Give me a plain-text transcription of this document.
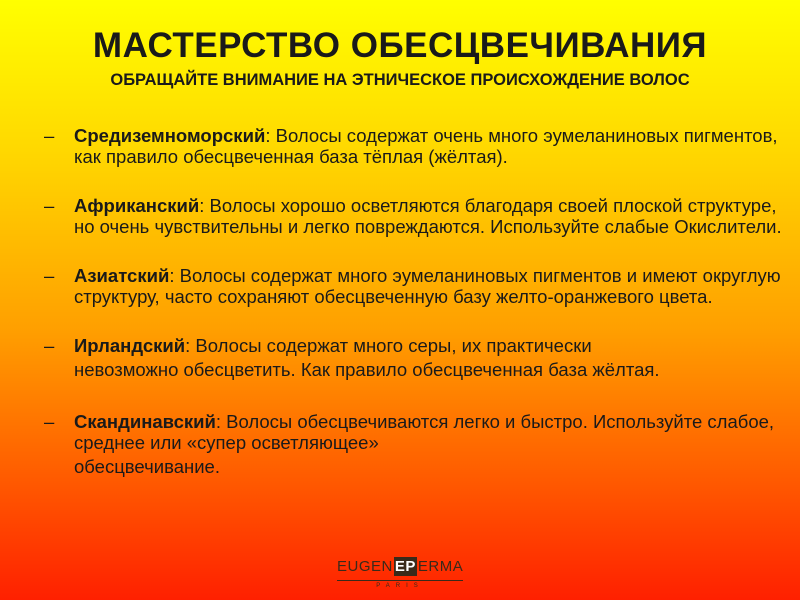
МАСТЕРСТВО ОБЕСЦВЕЧИВАНИЯ
ОБРАЩАЙТЕ ВНИМАНИЕ НА ЭТНИЧЕСКОЕ ПРОИСХОЖДЕНИЕ ВОЛОС
– Средиземноморский: Волосы содержат очень много эумеланиновых пигментов, как правило обесцвеченная база тёплая (жёлтая).
– Африканский: Волосы хорошо осветляются благодаря своей плоской структуре, но очень чувствительны и легко повреждаются. Используйте слабые Окислители.
– Азиатский: Волосы содержат много эумеланиновых пигментов и имеют округлую структуру, часто сохраняют обесцвеченную базу желто-оранжевого цвета.
– Ирландский: Волосы содержат много серы, их практически
невозможно обесцветить. Как правило обесцвеченная база жёлтая.
– Скандинавский: Волосы обесцвечиваются легко и быстро. Используйте слабое, среднее или «супер осветляющее»
обесцвечивание.
EUGEN EP ERMA
PARIS
